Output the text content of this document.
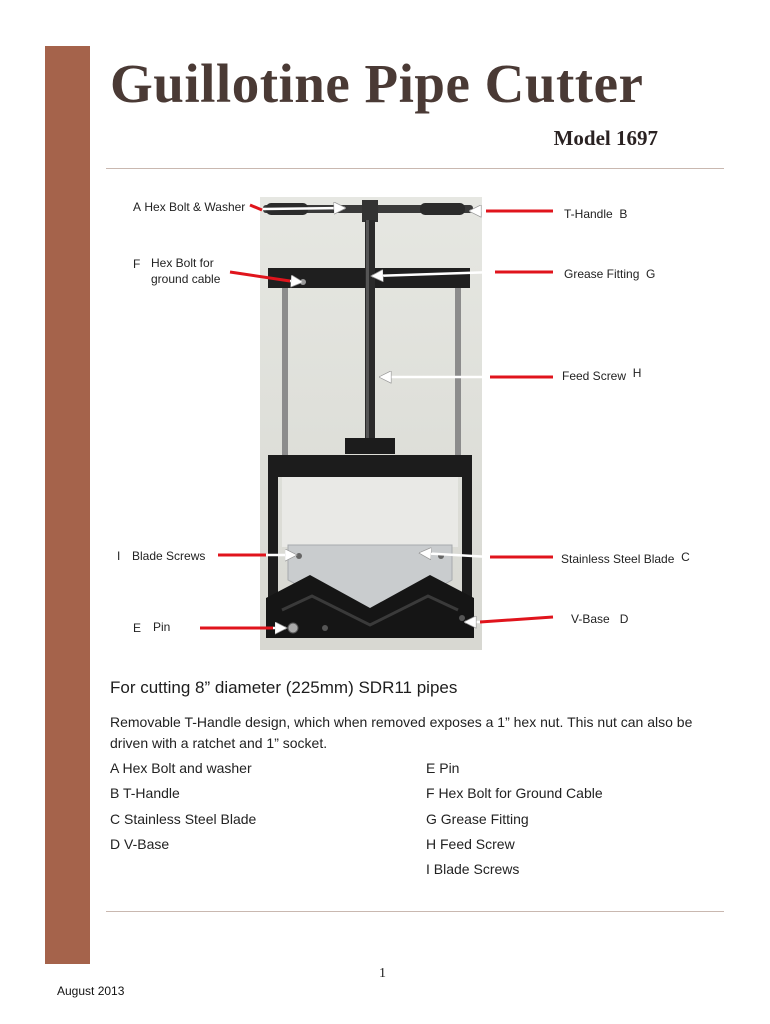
Guillotine Pipe Cutter
Model 1697
A Hex Bolt & Washer
F Hex Bolt for
ground cable
I Blade Screws
E Pin
T-Handle B
Grease Fitting G
Feed Screw H
Stainless Steel Blade C
V-Base D
For cutting 8” diameter (225mm) SDR11 pipes
Removable T-Handle design, which when removed exposes a 1” hex nut. This nut can also be driven with a ratchet and 1” socket.
A Hex Bolt and washer
B T-Handle
C Stainless Steel Blade
D V-Base
E Pin
F Hex Bolt for Ground Cable
G Grease Fitting
H Feed Screw
I Blade Screws
1
August 2013
